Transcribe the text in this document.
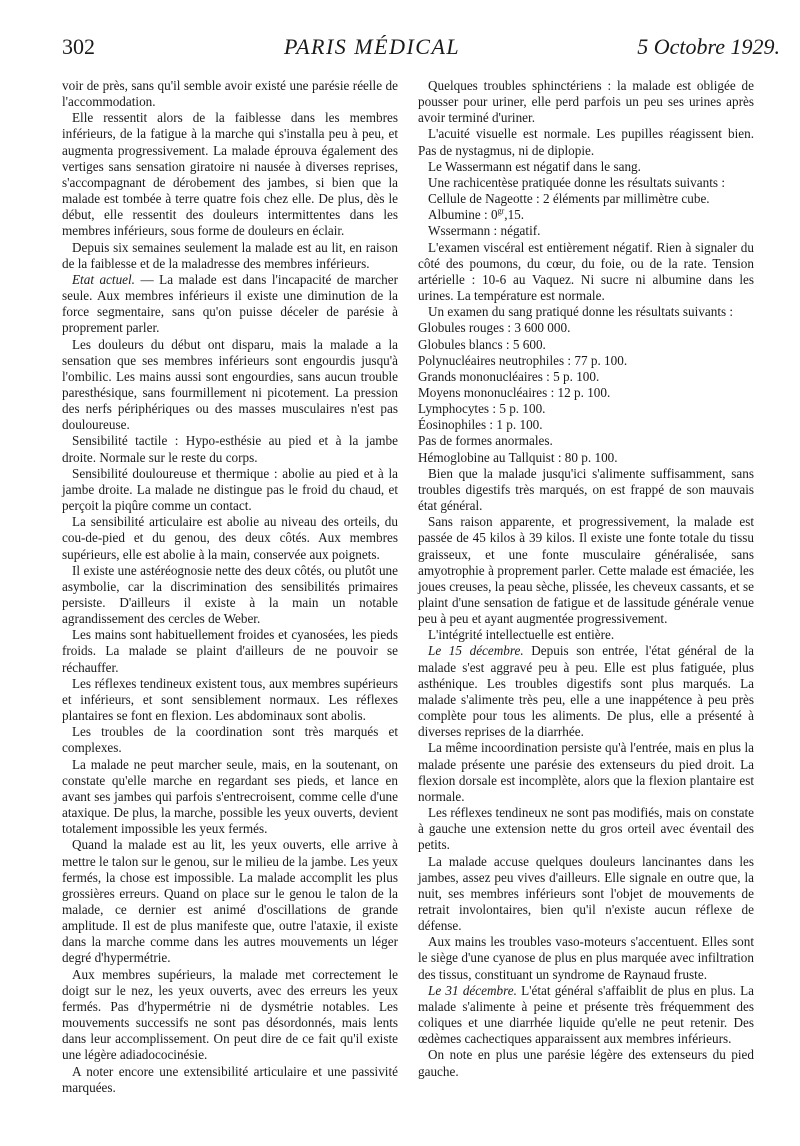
302	PARIS MÉDICAL	5 Octobre 1929.

voir de près, sans qu'il semble avoir existé une parésie réelle de l'accommodation.

Elle ressentit alors de la faiblesse dans les membres inférieurs, de la fatigue à la marche qui s'installa peu à peu, et augmenta progressivement. La malade éprouva également des vertiges sans sensation giratoire ni nausée à diverses reprises, s'accompagnant de dérobement des jambes, si bien que la malade est tombée à terre quatre fois chez elle. De plus, dès le début, elle ressentit des douleurs intermittentes dans les membres inférieurs, sous forme de douleurs en éclair.

Depuis six semaines seulement la malade est au lit, en raison de la faiblesse et de la maladresse des membres inférieurs.

Etat actuel. — La malade est dans l'incapacité de marcher seule. Aux membres inférieurs il existe une diminution de la force segmentaire, sans qu'on puisse déceler de parésie à proprement parler.

Les douleurs du début ont disparu, mais la malade a la sensation que ses membres inférieurs sont engourdis jusqu'à l'ombilic. Les mains aussi sont engourdies, sans aucun trouble paresthésique, sans fourmillement ni picotement. La pression des nerfs périphériques ou des masses musculaires n'est pas douloureuse.

Sensibilité tactile : Hypo-esthésie au pied et à la jambe droite. Normale sur le reste du corps.

Sensibilité douloureuse et thermique : abolie au pied et à la jambe droite. La malade ne distingue pas le froid du chaud, et perçoit la piqûre comme un contact.

La sensibilité articulaire est abolie au niveau des orteils, du cou-de-pied et du genou, des deux côtés. Aux membres supérieurs, elle est abolie à la main, conservée aux poignets.

Il existe une astéréognosie nette des deux côtés, ou plutôt une asymbolie, car la discrimination des sensibilités primaires persiste. D'ailleurs il existe à la main un notable agrandissement des cercles de Weber.

Les mains sont habituellement froides et cyanosées, les pieds froids. La malade se plaint d'ailleurs de ne pouvoir se réchauffer.

Les réflexes tendineux existent tous, aux membres supérieurs et inférieurs, et sont sensiblement normaux. Les réflexes plantaires se font en flexion. Les abdominaux sont abolis.

Les troubles de la coordination sont très marqués et complexes.

La malade ne peut marcher seule, mais, en la soutenant, on constate qu'elle marche en regardant ses pieds, et lance en avant ses jambes qui parfois s'entrecroisent, comme celle d'une ataxique. De plus, la marche, possible les yeux ouverts, devient totalement impossible les yeux fermés.

Quand la malade est au lit, les yeux ouverts, elle arrive à mettre le talon sur le genou, sur le milieu de la jambe. Les yeux fermés, la chose est impossible. La malade accomplit les plus grossières erreurs. Quand on place sur le genou le talon de la malade, ce dernier est animé d'oscillations de grande amplitude. Il est de plus manifeste que, outre l'ataxie, il existe dans la marche comme dans les autres mouvements un léger degré d'hypermétrie.

Aux membres supérieurs, la malade met correctement le doigt sur le nez, les yeux ouverts, avec des erreurs les yeux fermés. Pas d'hypermétrie ni de dysmétrie notables. Les mouvements successifs ne sont pas désordonnés, mais lents dans leur accomplissement. On peut dire de ce fait qu'il existe une légère adiadococinésie.

A noter encore une extensibilité articulaire et une passivité marquées.

Quelques troubles sphinctériens : la malade est obligée de pousser pour uriner, elle perd parfois un peu ses urines après avoir terminé d'uriner.

L'acuité visuelle est normale. Les pupilles réagissent bien. Pas de nystagmus, ni de diplopie.

Le Wassermann est négatif dans le sang.

Une rachicentèse pratiquée donne les résultats suivants :

Cellule de Nageotte : 2 éléments par millimètre cube.

Albumine : $0^{gr},15$.

Wssermann : négatif.

L'examen viscéral est entièrement négatif. Rien à signaler du côté des poumons, du cœur, du foie, ou de la rate. Tension artérielle : 10-6 au Vaquez. Ni sucre ni albumine dans les urines. La température est normale.

Un examen du sang pratiqué donne les résultats suivants :

Globules rouges : 3 600 000.

Globules blancs : 5 600.

Polynucléaires neutrophiles : 77 p. 100.

Grands mononucléaires : 5 p. 100.

Moyens mononucléaires : 12 p. 100.

Lymphocytes : 5 p. 100.

Éosinophiles : 1 p. 100.

Pas de formes anormales.

Hémoglobine au Tallquist : 80 p. 100.

Bien que la malade jusqu'ici s'alimente suffisamment, sans troubles digestifs très marqués, on est frappé de son mauvais état général.

Sans raison apparente, et progressivement, la malade est passée de 45 kilos à 39 kilos. Il existe une fonte totale du tissu graisseux, et une fonte musculaire généralisée, sans amyotrophie à proprement parler. Cette malade est émaciée, les joues creuses, la peau sèche, plissée, les cheveux cassants, et se plaint d'une sensation de fatigue et de lassitude générale venue peu à peu et ayant augmentée progressivement.

L'intégrité intellectuelle est entière.

Le 15 décembre. Depuis son entrée, l'état général de la malade s'est aggravé peu à peu. Elle est plus fatiguée, plus asthénique. Les troubles digestifs sont plus marqués. La malade s'alimente très peu, elle a une inappétence à peu près complète pour tous les aliments. De plus, elle a présenté à diverses reprises de la diarrhée.

La même incoordination persiste qu'à l'entrée, mais en plus la malade présente une parésie des extenseurs du pied droit. La flexion dorsale est incomplète, alors que la flexion plantaire est normale.

Les réflexes tendineux ne sont pas modifiés, mais on constate à gauche une extension nette du gros orteil avec éventail des petits.

La malade accuse quelques douleurs lancinantes dans les jambes, assez peu vives d'ailleurs. Elle signale en outre que, la nuit, ses membres inférieurs sont l'objet de mouvements de retrait involontaires, bien qu'il n'existe aucun réflexe de défense.

Aux mains les troubles vaso-moteurs s'accentuent. Elles sont le siège d'une cyanose de plus en plus marquée avec infiltration des tissus, constituant un syndrome de Raynaud fruste.

Le 31 décembre. L'état général s'affaiblit de plus en plus. La malade s'alimente à peine et présente très fréquemment des coliques et une diarrhée liquide qu'elle ne peut retenir. Des œdèmes cachectiques apparaissent aux membres inférieurs.

On note en plus une parésie légère des extenseurs du pied gauche.
